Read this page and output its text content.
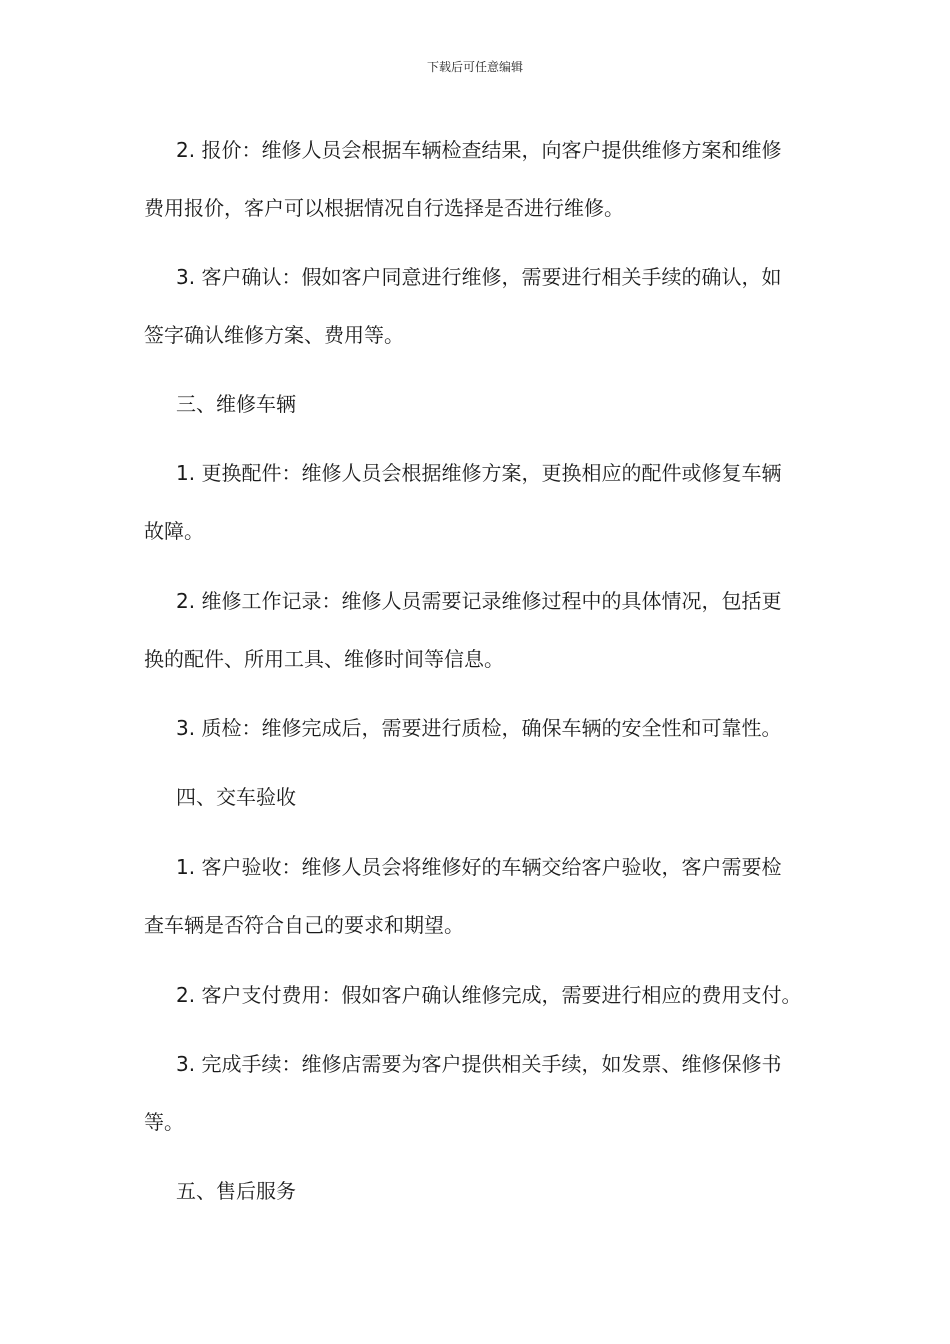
下载后可任意编辑
2. 报价：维修人员会根据车辆检查结果，向客户提供维修方案和维修
费用报价，客户可以根据情况自行选择是否进行维修。
3. 客户确认：假如客户同意进行维修，需要进行相关手续的确认，如
签字确认维修方案、费用等。
三、维修车辆
1. 更换配件：维修人员会根据维修方案，更换相应的配件或修复车辆
故障。
2. 维修工作记录：维修人员需要记录维修过程中的具体情况，包括更
换的配件、所用工具、维修时间等信息。
3. 质检：维修完成后，需要进行质检，确保车辆的安全性和可靠性。
四、交车验收
1. 客户验收：维修人员会将维修好的车辆交给客户验收，客户需要检
查车辆是否符合自己的要求和期望。
2. 客户支付费用：假如客户确认维修完成，需要进行相应的费用支付。
3. 完成手续：维修店需要为客户提供相关手续，如发票、维修保修书
等。
五、售后服务
